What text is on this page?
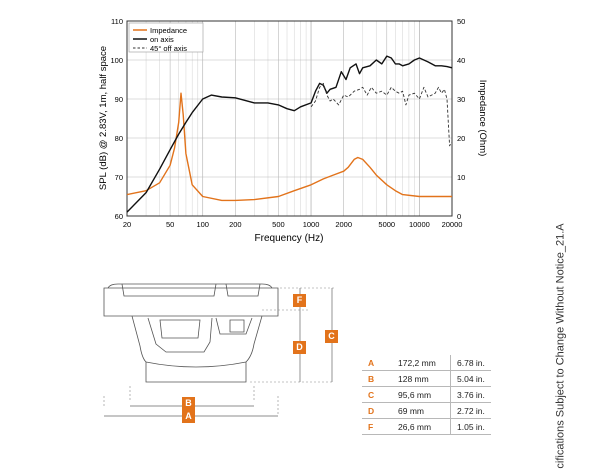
20	50	100	200	500 1000 2000	5000 10000 20000
60
70
80
90
100
110
0
10
20
30
40
50
Frequency (Hz)
SPL (dB) @ 2.83V, 1m, half space	Impedance (Ohm)
Impedance
on axis
45° off axis
F
D
C
B
A
A	172,2 mm	6.78 in.
B	128 mm	5.04 in.
C	95,6 mm	3.76 in.
D	69 mm	2.72 in.
F	26,6 mm	1.05 in.	cifications Subject to Change Without Notice_21.A
